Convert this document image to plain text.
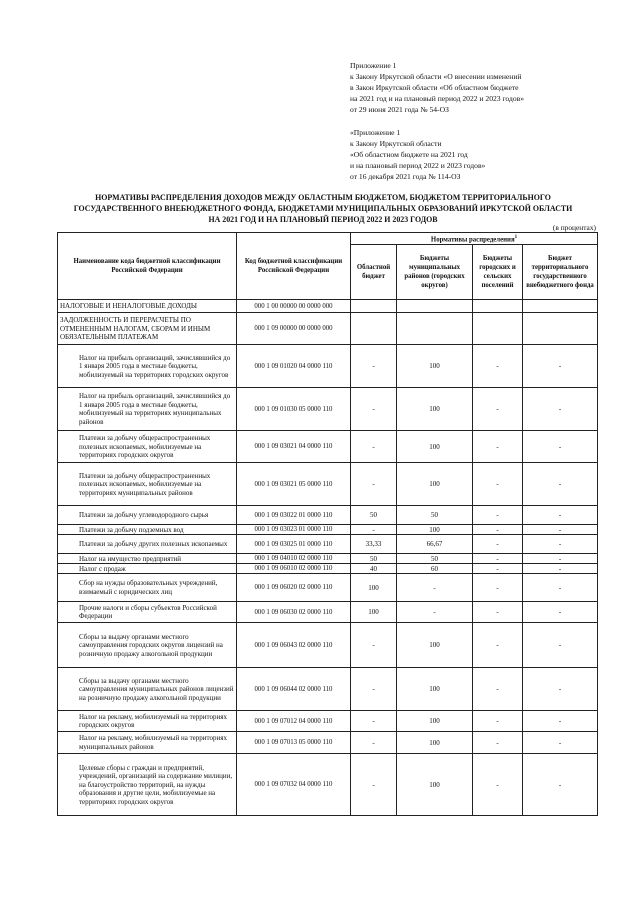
Приложение 1
к Закону Иркутской области «О внесении изменений
в Закон Иркутской области «Об областном бюджете
на 2021 год и на плановый период 2022 и 2023 годов»
от 29 июня 2021 года № 54-ОЗ
«Приложение 1
к Закону Иркутской области
«Об областном бюджете на 2021 год
и на плановый период 2022 и 2023 годов»
от 16 декабря 2021 года № 114-ОЗ
НОРМАТИВЫ РАСПРЕДЕЛЕНИЯ ДОХОДОВ МЕЖДУ ОБЛАСТНЫМ БЮДЖЕТОМ, БЮДЖЕТОМ ТЕРРИТОРИАЛЬНОГО
ГОСУДАРСТВЕННОГО ВНЕБЮДЖЕТНОГО ФОНДА, БЮДЖЕТАМИ МУНИЦИПАЛЬНЫХ ОБРАЗОВАНИЙ ИРКУТСКОЙ ОБЛАСТИ
НА 2021 ГОД И НА ПЛАНОВЫЙ ПЕРИОД 2022 И 2023 ГОДОВ
(в процентах)
Наименование кода бюджетной классификации Российской Федерации	Код бюджетной классификации Российской Федерации	Нормативы распределения$^1$
		Областной бюджет	Бюджеты муниципальных районов (городских округов)	Бюджеты городских и сельских поселений	Бюджет территориального государственного внебюджетного фонда
НАЛОГОВЫЕ И НЕНАЛОГОВЫЕ ДОХОДЫ	000 1 00 00000 00 0000 000				
ЗАДОЛЖЕННОСТЬ И ПЕРЕРАСЧЕТЫ ПО ОТМЕНЕННЫМ НАЛОГАМ, СБОРАМ И ИНЫМ ОБЯЗАТЕЛЬНЫМ ПЛАТЕЖАМ	000 1 09 00000 00 0000 000				
Налог на прибыль организаций, зачислявшийся до 1 января 2005 года в местные бюджеты, мобилизуемый на территориях городских округов	000 1 09 01020 04 0000 110	-	100	-	-
Налог на прибыль организаций, зачислявшийся до 1 января 2005 года в местные бюджеты, мобилизуемый на территориях муниципальных районов	000 1 09 01030 05 0000 110	-	100	-	-
Платежи за добычу общераспространенных полезных ископаемых, мобилизуемые на территориях городских округов	000 1 09 03021 04 0000 110	-	100	-	-
Платежи за добычу общераспространенных полезных ископаемых, мобилизуемые на территориях муниципальных районов	000 1 09 03021 05 0000 110	-	100	-	-
Платежи за добычу углеводородного сырья	000 1 09 03022 01 0000 110	50	50	-	-
Платежи за добычу подземных вод	000 1 09 03023 01 0000 110	-	100	-	-
Платежи за добычу других полезных ископаемых	000 1 09 03025 01 0000 110	33,33	66,67	-	-
Налог на имущество предприятий	000 1 09 04010 02 0000 110	50	50	-	-
Налог с продаж	000 1 09 06010 02 0000 110	40	60	-	-
Сбор на нужды образовательных учреждений, взимаемый с юридических лиц	000 1 09 06020 02 0000 110	100	-	-	-
Прочие налоги и сборы субъектов Российской Федерации	000 1 09 06030 02 0000 110	100	-	-	-
Сборы за выдачу органами местного самоуправления городских округов лицензий на розничную продажу алкогольной продукции	000 1 09 06043 02 0000 110	-	100	-	-
Сборы за выдачу органами местного самоуправления муниципальных районов лицензий на розничную продажу алкогольной продукции	000 1 09 06044 02 0000 110	-	100	-	-
Налог на рекламу, мобилизуемый на территориях городских округов	000 1 09 07012 04 0000 110	-	100	-	-
Налог на рекламу, мобилизуемый на территориях муниципальных районов	000 1 09 07013 05 0000 110	-	100	-	-
Целевые сборы с граждан и предприятий, учреждений, организаций на содержание милиции, на благоустройство территорий, на нужды образования и другие цели, мобилизуемые на территориях городских округов	000 1 09 07032 04 0000 110	-	100	-	-
